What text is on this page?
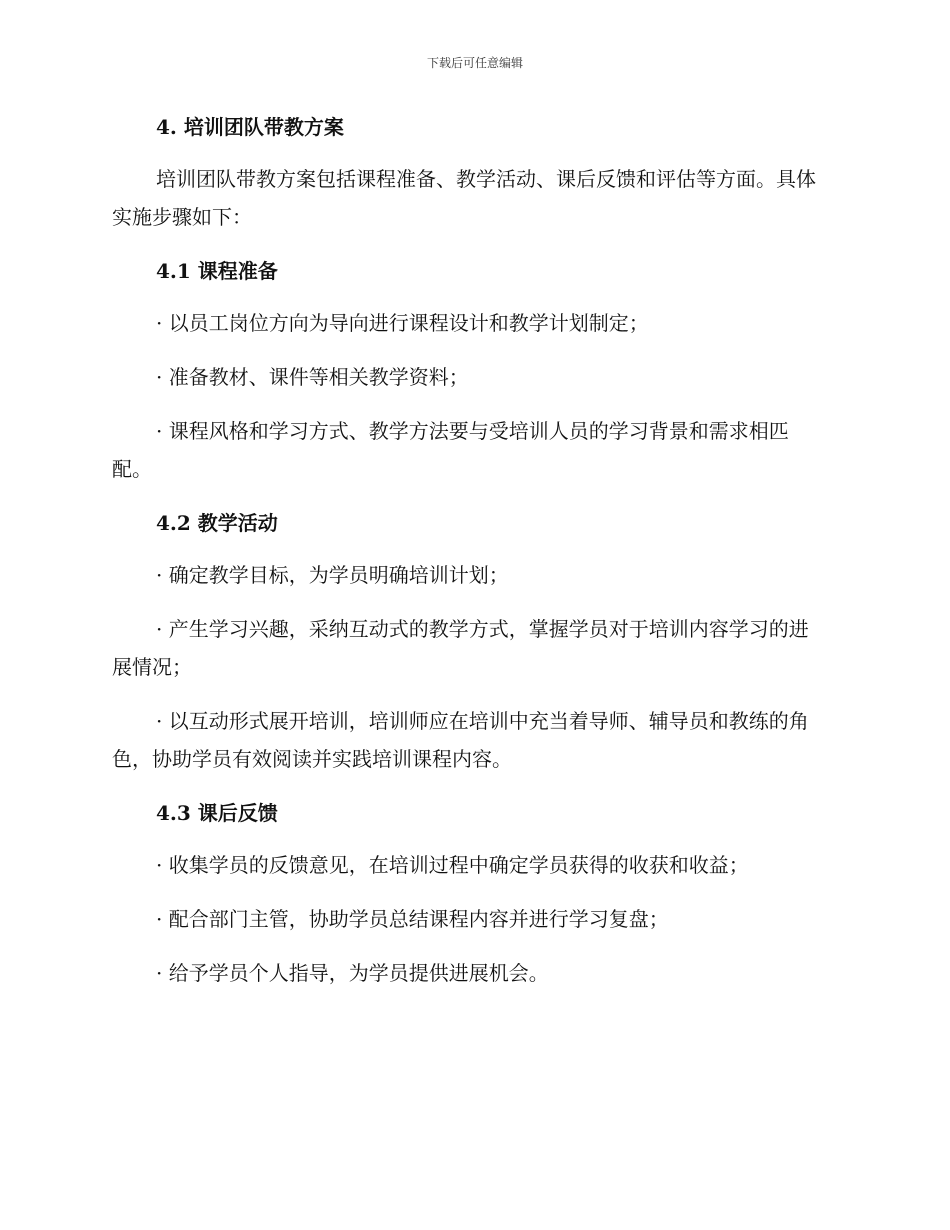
下载后可任意编辑
4. 培训团队带教方案

培训团队带教方案包括课程准备、教学活动、课后反馈和评估等方面。具体实施步骤如下：

4.1 课程准备

· 以员工岗位方向为导向进行课程设计和教学计划制定；

· 准备教材、课件等相关教学资料；

· 课程风格和学习方式、教学方法要与受培训人员的学习背景和需求相匹配。

4.2 教学活动

· 确定教学目标，为学员明确培训计划；

· 产生学习兴趣，采纳互动式的教学方式，掌握学员对于培训内容学习的进展情况；

· 以互动形式展开培训，培训师应在培训中充当着导师、辅导员和教练的角色，协助学员有效阅读并实践培训课程内容。

4.3 课后反馈

· 收集学员的反馈意见，在培训过程中确定学员获得的收获和收益；

· 配合部门主管，协助学员总结课程内容并进行学习复盘；

· 给予学员个人指导，为学员提供进展机会。
